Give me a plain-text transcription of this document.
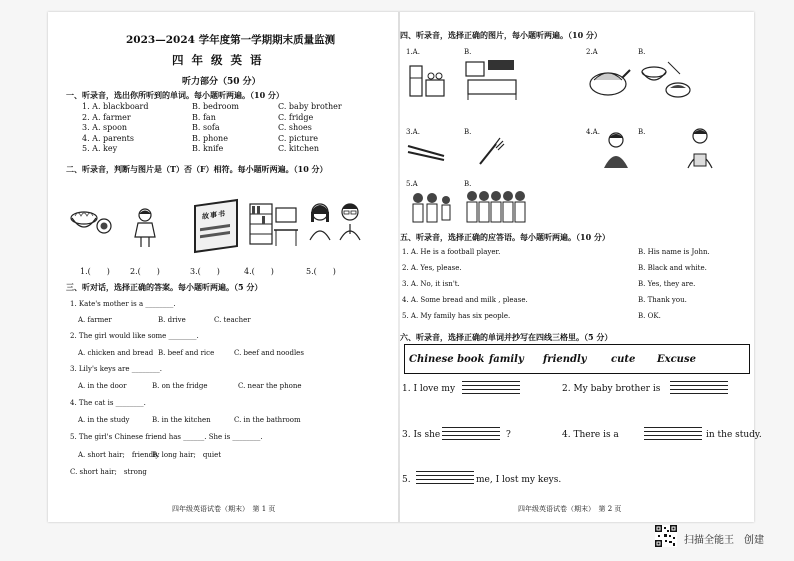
2023—2024 学年度第一学期期末质量监测
四 年 级 英 语
听力部分（50 分）
一、听录音，选出你所听到的单词。每小题听两遍。（10 分）
1. A. blackboard	B. bedroom	C. baby brother
2. A. farmer	B. fan	C. fridge
3. A. spoon	B. sofa	C. shoes
4. A. parents	B. phone	C. picture
5. A. key	B. knife	C. kitchen
二、听录音，判断与图片是（T）否（F）相符。每小题听两遍。（10 分）
故事书
1.(　　)	2.(　　)	3.(　　)	4.(　　)	5.(　　)
三、听对话，选择正确的答案。每小题听两遍。（5 分）
1. Kate's mother is a ________.
A. farmer	B. drive	C. teacher
2. The girl would like some ________.
A. chicken and bread B. beef and rice	C. beef and noodles
3. Lily's keys are ________.
A. in the door	B. on the fridge	C. near the phone
4. The cat is ________.
A. in the study	B. in the kitchen	C. in the bathroom
5. The girl's Chinese friend has ______. She is ________.
A. short hair;　friendly
B. long hair;　quiet
C. short hair;　strong
四年级英语试卷（期末）　第 1 页
四、听录音，选择正确的图片，每小题听两遍。（10 分）
1.A.	B.	2.A	B.
3.A.	B.	4.A.	B.
5.A	B.
五、听录音，选择正确的应答语。每小题听两遍。（10 分）
1. A. He is a football player.	B. His name is John.
2. A. Yes, please.	B. Black and white.
3. A. No, it isn't.	B. Yes, they are.
4. A. Some bread and milk , please.	B. Thank you.
5. A. My family has six people.	B. OK.
六、听录音，选择正确的单词并抄写在四线三格里。（5 分）
Chinese book family friendly cute Excuse
1. I love my	2. My baby brother is
3. Is she	?	4. There is a	in the study.
5.	me, I lost my keys.
四年级英语试卷（期末）　第 2 页
扫描全能王　创建
